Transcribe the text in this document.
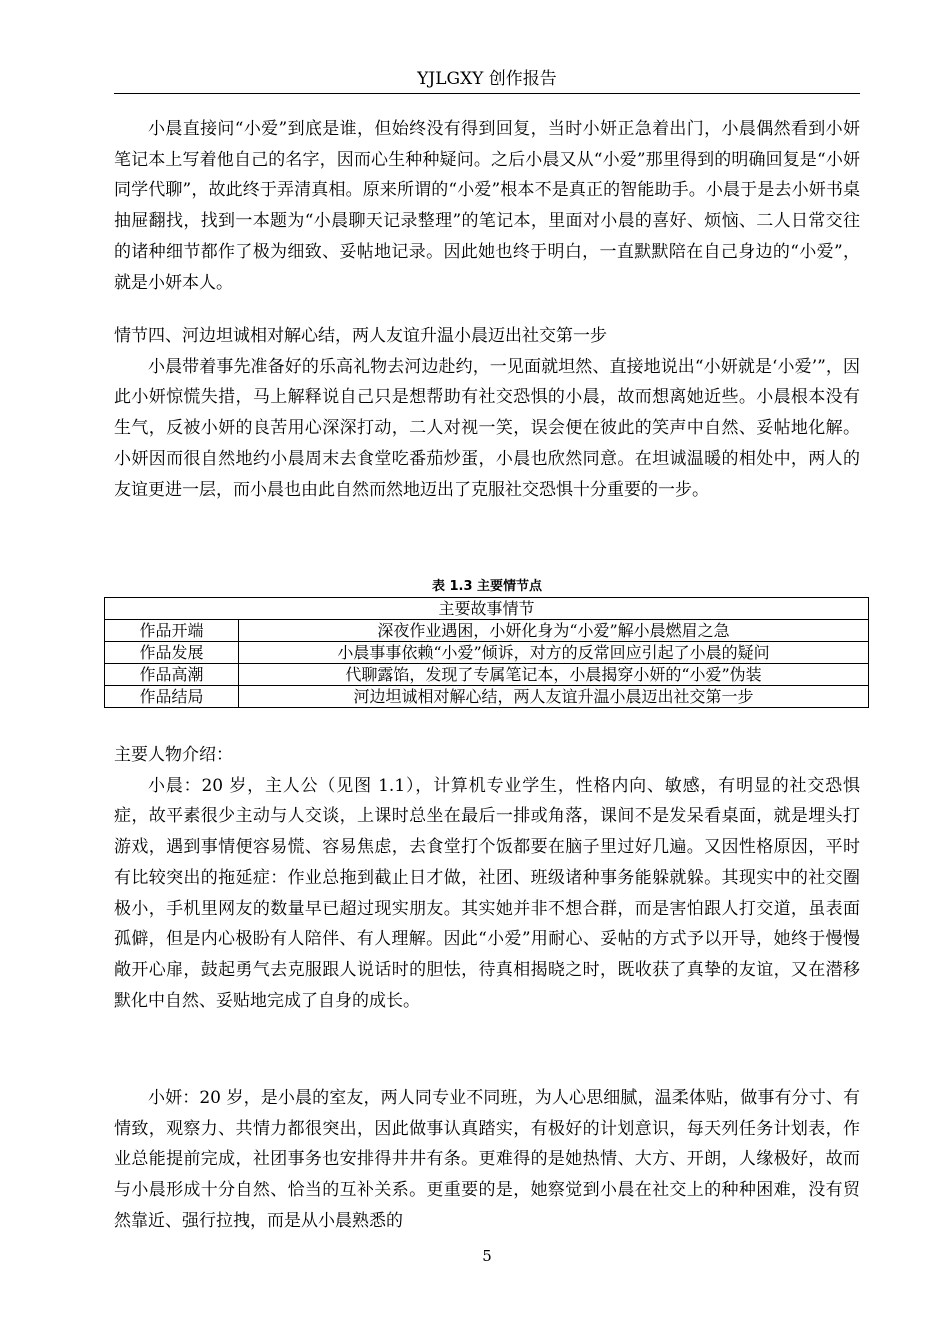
YJLGXY 创作报告

小晨直接问“小爱”到底是谁，但始终没有得到回复，当时小妍正急着出门，小晨偶然看到小妍笔记本上写着他自己的名字，因而心生种种疑问。之后小晨又从“小爱”那里得到的明确回复是“小妍同学代聊”，故此终于弄清真相。原来所谓的“小爱”根本不是真正的智能助手。小晨于是去小妍书桌抽屉翻找，找到一本题为“小晨聊天记录整理”的笔记本，里面对小晨的喜好、烦恼、二人日常交往的诸种细节都作了极为细致、妥帖地记录。因此她也终于明白，一直默默陪在自己身边的“小爱”，就是小妍本人。

情节四、河边坦诚相对解心结，两人友谊升温小晨迈出社交第一步

小晨带着事先准备好的乐高礼物去河边赴约，一见面就坦然、直接地说出“小妍就是‘小爱’”，因此小妍惊慌失措，马上解释说自己只是想帮助有社交恐惧的小晨，故而想离她近些。小晨根本没有生气，反被小妍的良苦用心深深打动，二人对视一笑，误会便在彼此的笑声中自然、妥帖地化解。小妍因而很自然地约小晨周末去食堂吃番茄炒蛋，小晨也欣然同意。在坦诚温暖的相处中，两人的友谊更进一层，而小晨也由此自然而然地迈出了克服社交恐惧十分重要的一步。

表 1.3 主要情节点
主要故事情节	
作品开端	深夜作业遇困，小妍化身为“小爱”解小晨燃眉之急
作品发展	小晨事事依赖“小爱”倾诉，对方的反常回应引起了小晨的疑问
作品高潮	代聊露馅，发现了专属笔记本，小晨揭穿小妍的“小爱”伪装
作品结局	河边坦诚相对解心结，两人友谊升温小晨迈出社交第一步

主要人物介绍：

小晨：20 岁，主人公（见图 1.1），计算机专业学生，性格内向、敏感，有明显的社交恐惧症，故平素很少主动与人交谈，上课时总坐在最后一排或角落，课间不是发呆看桌面，就是埋头打游戏，遇到事情便容易慌、容易焦虑，去食堂打个饭都要在脑子里过好几遍。又因性格原因，平时有比较突出的拖延症：作业总拖到截止日才做，社团、班级诸种事务能躲就躲。其现实中的社交圈极小，手机里网友的数量早已超过现实朋友。其实她并非不想合群，而是害怕跟人打交道，虽表面孤僻，但是内心极盼有人陪伴、有人理解。因此“小爱”用耐心、妥帖的方式予以开导，她终于慢慢敞开心扉，鼓起勇气去克服跟人说话时的胆怯，待真相揭晓之时，既收获了真挚的友谊，又在潜移默化中自然、妥贴地完成了自身的成长。

小妍：20 岁，是小晨的室友，两人同专业不同班，为人心思细腻，温柔体贴，做事有分寸、有情致，观察力、共情力都很突出，因此做事认真踏实，有极好的计划意识，每天列任务计划表，作业总能提前完成，社团事务也安排得井井有条。更难得的是她热情、大方、开朗，人缘极好，故而与小晨形成十分自然、恰当的互补关系。更重要的是，她察觉到小晨在社交上的种种困难，没有贸然靠近、强行拉拽，而是从小晨熟悉的

5
